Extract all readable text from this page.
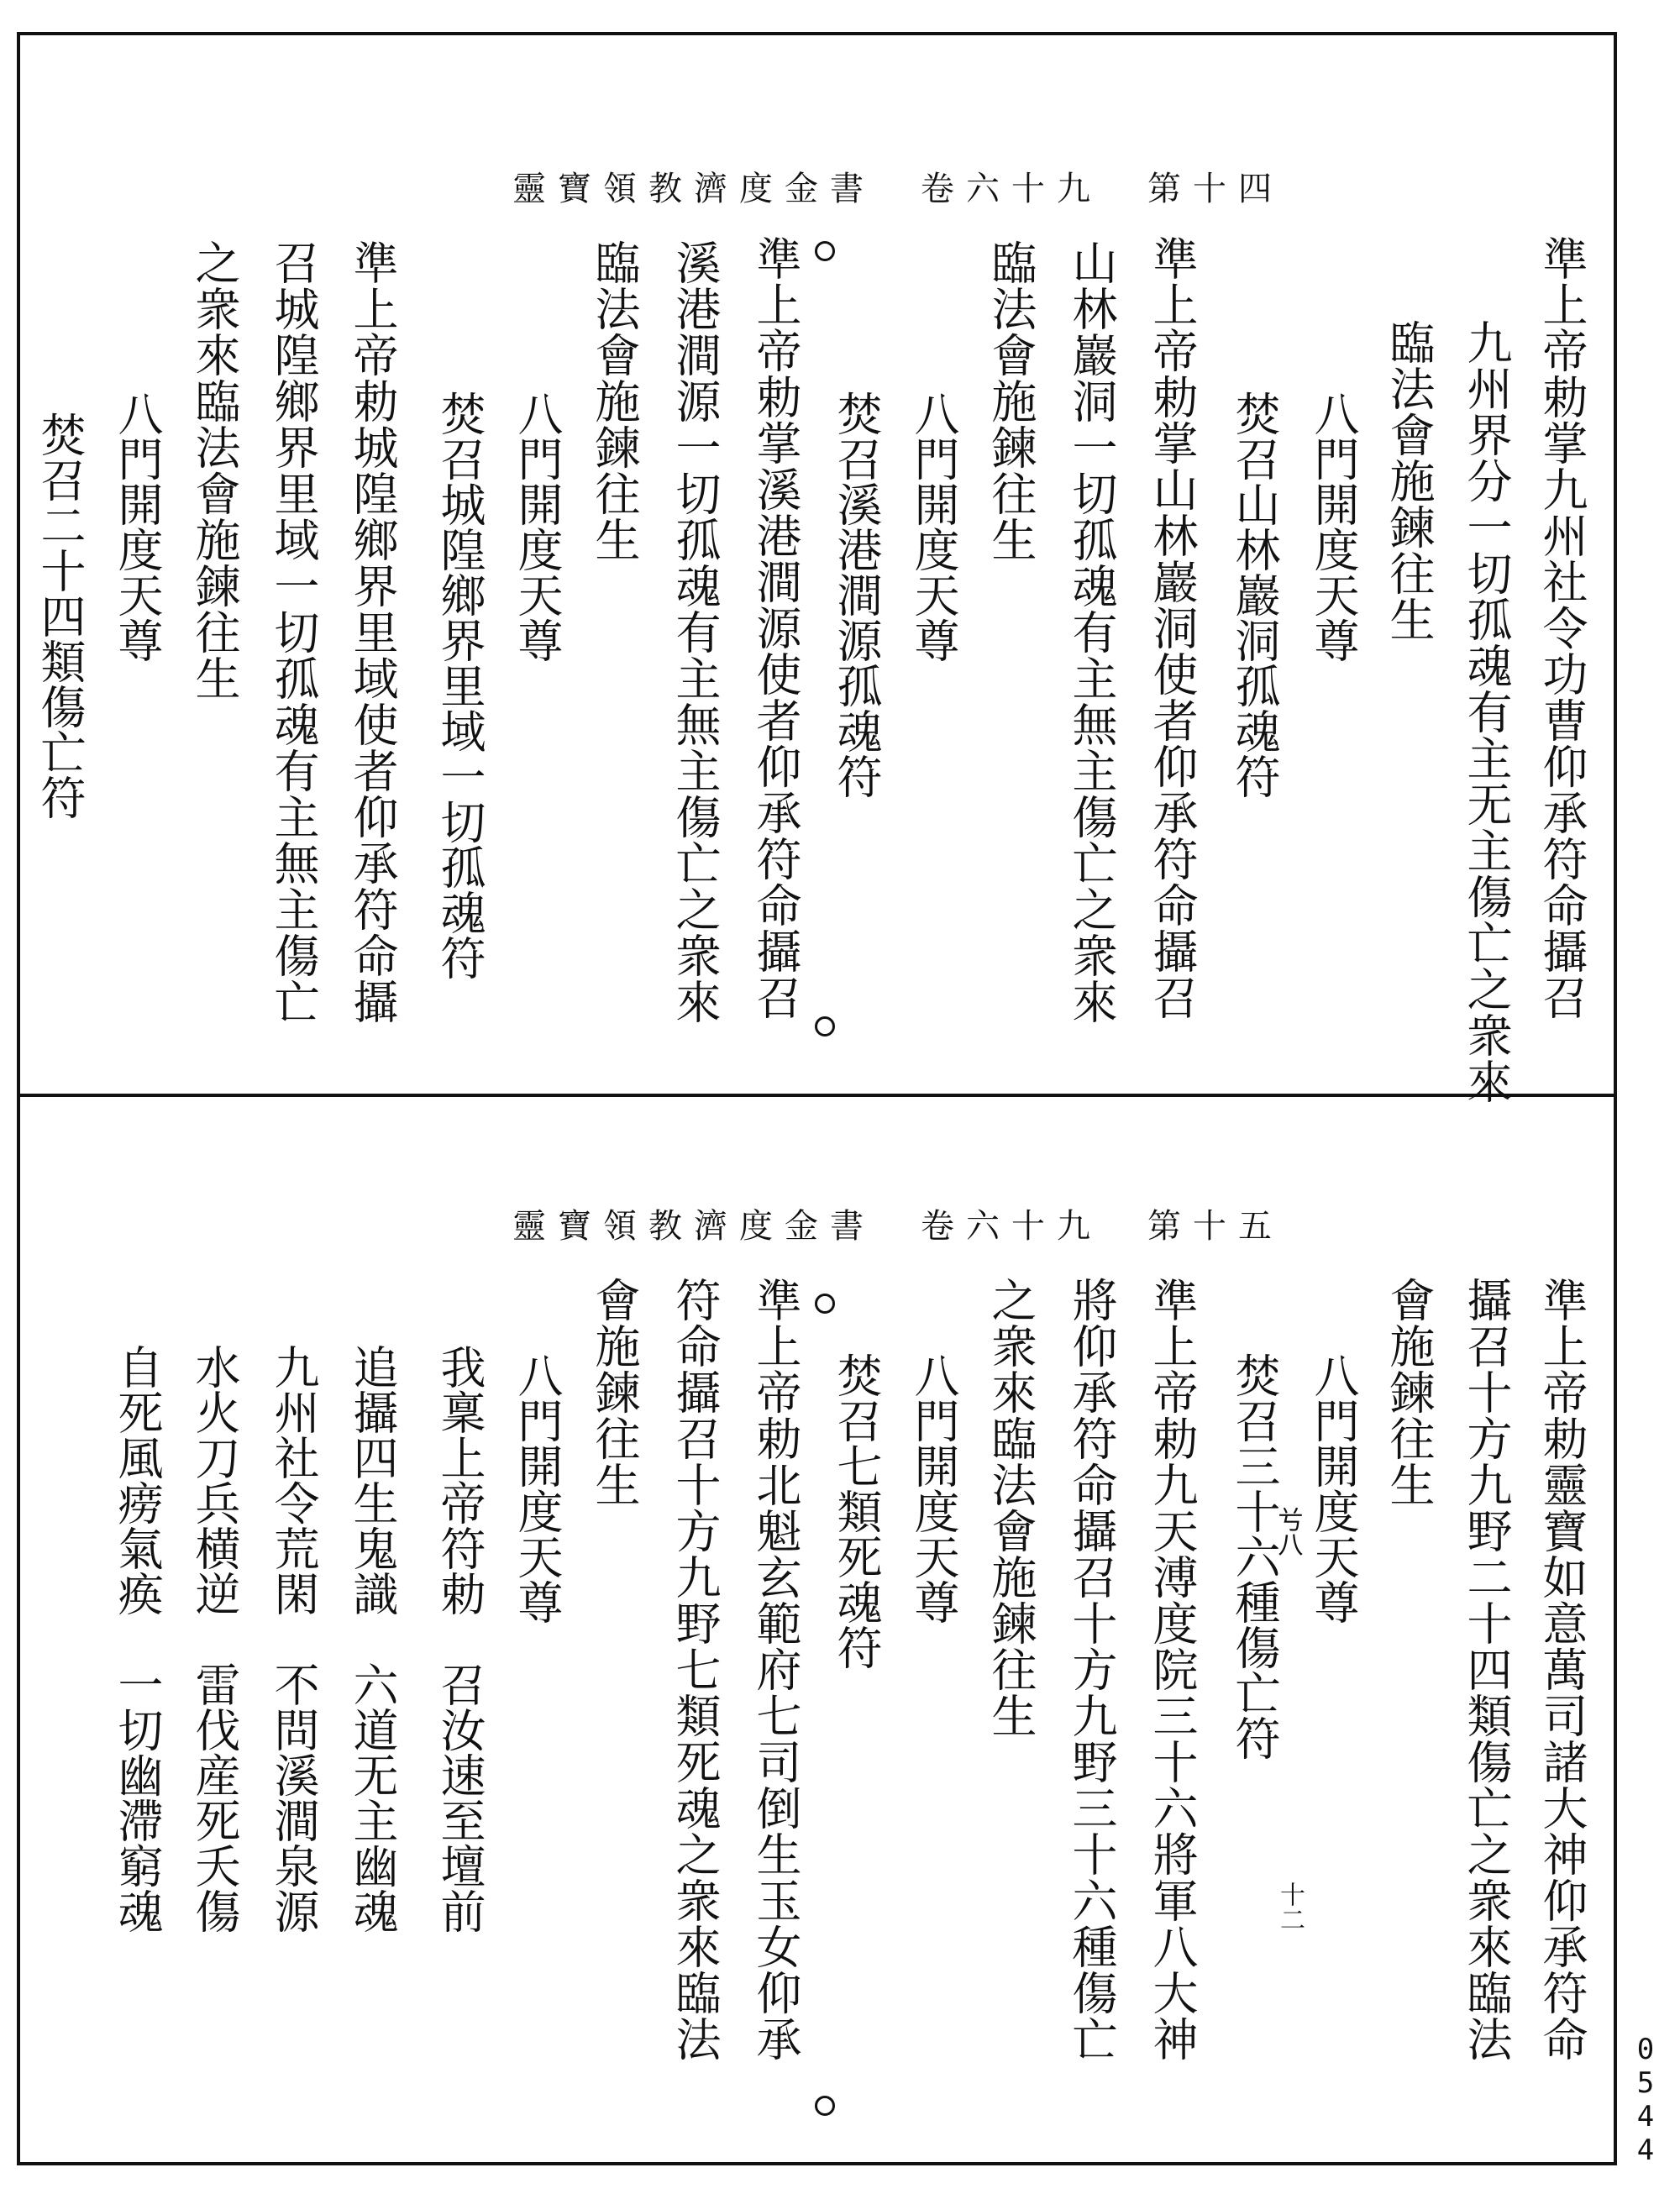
靈寶領教濟度金書　卷六十九　第十四
準上帝勅掌九州社令功曹仰承符命攝召
九州界分一切孤魂有主无主傷亡之衆來
臨法會施鍊往生
八門開度天尊
焚召山林巖洞孤魂符
準上帝勅掌山林巖洞使者仰承符命攝召
山林巖洞一切孤魂有主無主傷亡之衆來
臨法會施鍊往生
八門開度天尊
焚召溪港澗源孤魂符
準上帝勅掌溪港澗源使者仰承符命攝召
溪港澗源一切孤魂有主無主傷亡之衆來
臨法會施鍊往生
八門開度天尊
焚召城隍鄉界里域一切孤魂符
準上帝勅城隍鄉界里域使者仰承符命攝
召城隍鄉界里域一切孤魂有主無主傷亡
之衆來臨法會施鍊往生
八門開度天尊
靈寶領教濟度金書　卷六十九　第十五
準上帝勅靈寶如意萬司諸大神仰承符命
攝召十方九野二十四類傷亡之衆來臨法
會施鍊往生
八門開度天尊
焚召三十六種傷亡符
準上帝勅九天溥度院三十六將軍八大神
將仰承符命攝召十方九野三十六種傷亡
之衆來臨法會施鍊往生
八門開度天尊
焚召七類死魂符
準上帝勅北魁玄範府七司倒生玉女仰承
符命攝召十方九野七類死魂之衆來臨法
會施鍊往生
八門開度天尊
我稟上帝符勅　召汝速至壇前
追攝四生鬼識　六道无主幽魂
九州社令荒閑　不問溪澗泉源
水火刀兵横逆　雷伐産死夭傷
自死風痨氣痪　一切幽滯窮魂	𠔃八
十二
0544
焚召二十四類傷亡符
